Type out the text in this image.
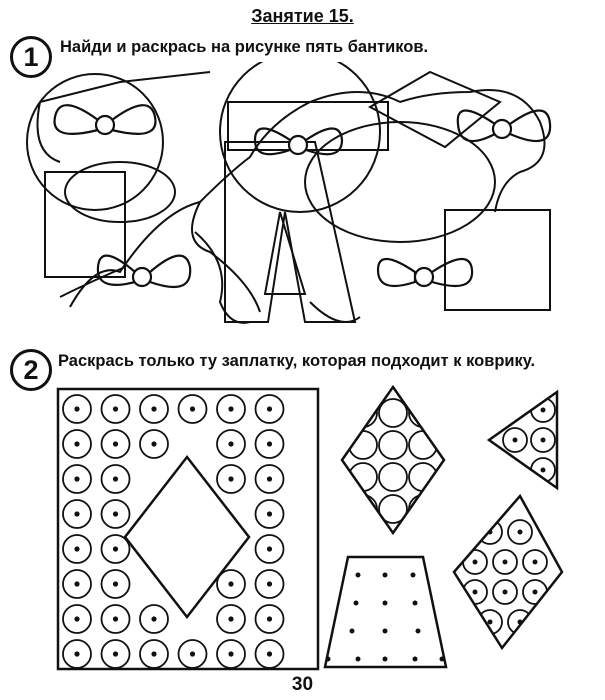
Занятие 15.
1	Найди и раскрась на рисунке пять бантиков.
2	Раскрась только ту заплатку, которая подходит к коврику.
30
